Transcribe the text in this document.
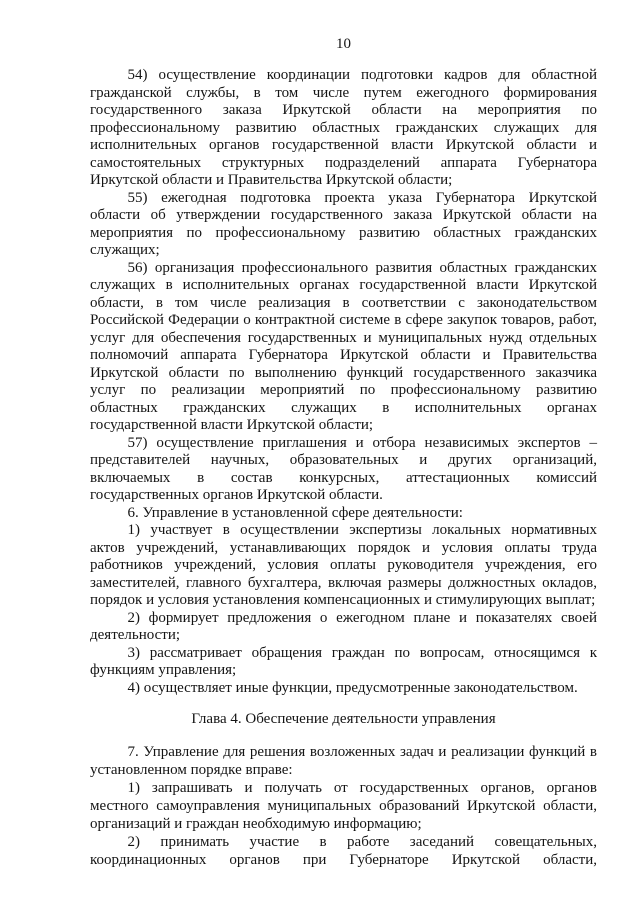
10
54) осуществление координации подготовки кадров для областной
гражданской службы, в том числе путем ежегодного формирования
государственного заказа Иркутской области на мероприятия по
профессиональному развитию областных гражданских служащих для
исполнительных органов государственной власти Иркутской области и
самостоятельных структурных подразделений аппарата Губернатора
Иркутской области и Правительства Иркутской области;
55) ежегодная подготовка проекта указа Губернатора Иркутской
области об утверждении государственного заказа Иркутской области на
мероприятия по профессиональному развитию областных гражданских
служащих;
56) организация профессионального развития областных гражданских
служащих в исполнительных органах государственной власти Иркутской
области, в том числе реализация в соответствии с законодательством
Российской Федерации о контрактной системе в сфере закупок товаров, работ,
услуг для обеспечения государственных и муниципальных нужд отдельных
полномочий аппарата Губернатора Иркутской области и Правительства
Иркутской области по выполнению функций государственного заказчика
услуг по реализации мероприятий по профессиональному развитию
областных гражданских служащих в исполнительных органах
государственной власти Иркутской области;
57) осуществление приглашения и отбора независимых экспертов –
представителей научных, образовательных и других организаций,
включаемых в состав конкурсных, аттестационных комиссий
государственных органов Иркутской области.
6. Управление в установленной сфере деятельности:
1) участвует в осуществлении экспертизы локальных нормативных
актов учреждений, устанавливающих порядок и условия оплаты труда
работников учреждений, условия оплаты руководителя учреждения, его
заместителей, главного бухгалтера, включая размеры должностных окладов,
порядок и условия установления компенсационных и стимулирующих выплат;
2) формирует предложения о ежегодном плане и показателях своей
деятельности;
3) рассматривает обращения граждан по вопросам, относящимся к
функциям управления;
4) осуществляет иные функции, предусмотренные законодательством.
Глава 4. Обеспечение деятельности управления
7. Управление для решения возложенных задач и реализации функций в
установленном порядке вправе:
1) запрашивать и получать от государственных органов, органов
местного самоуправления муниципальных образований Иркутской области,
организаций и граждан необходимую информацию;
2) принимать участие в работе заседаний совещательных,
координационных органов при Губернаторе Иркутской области,
